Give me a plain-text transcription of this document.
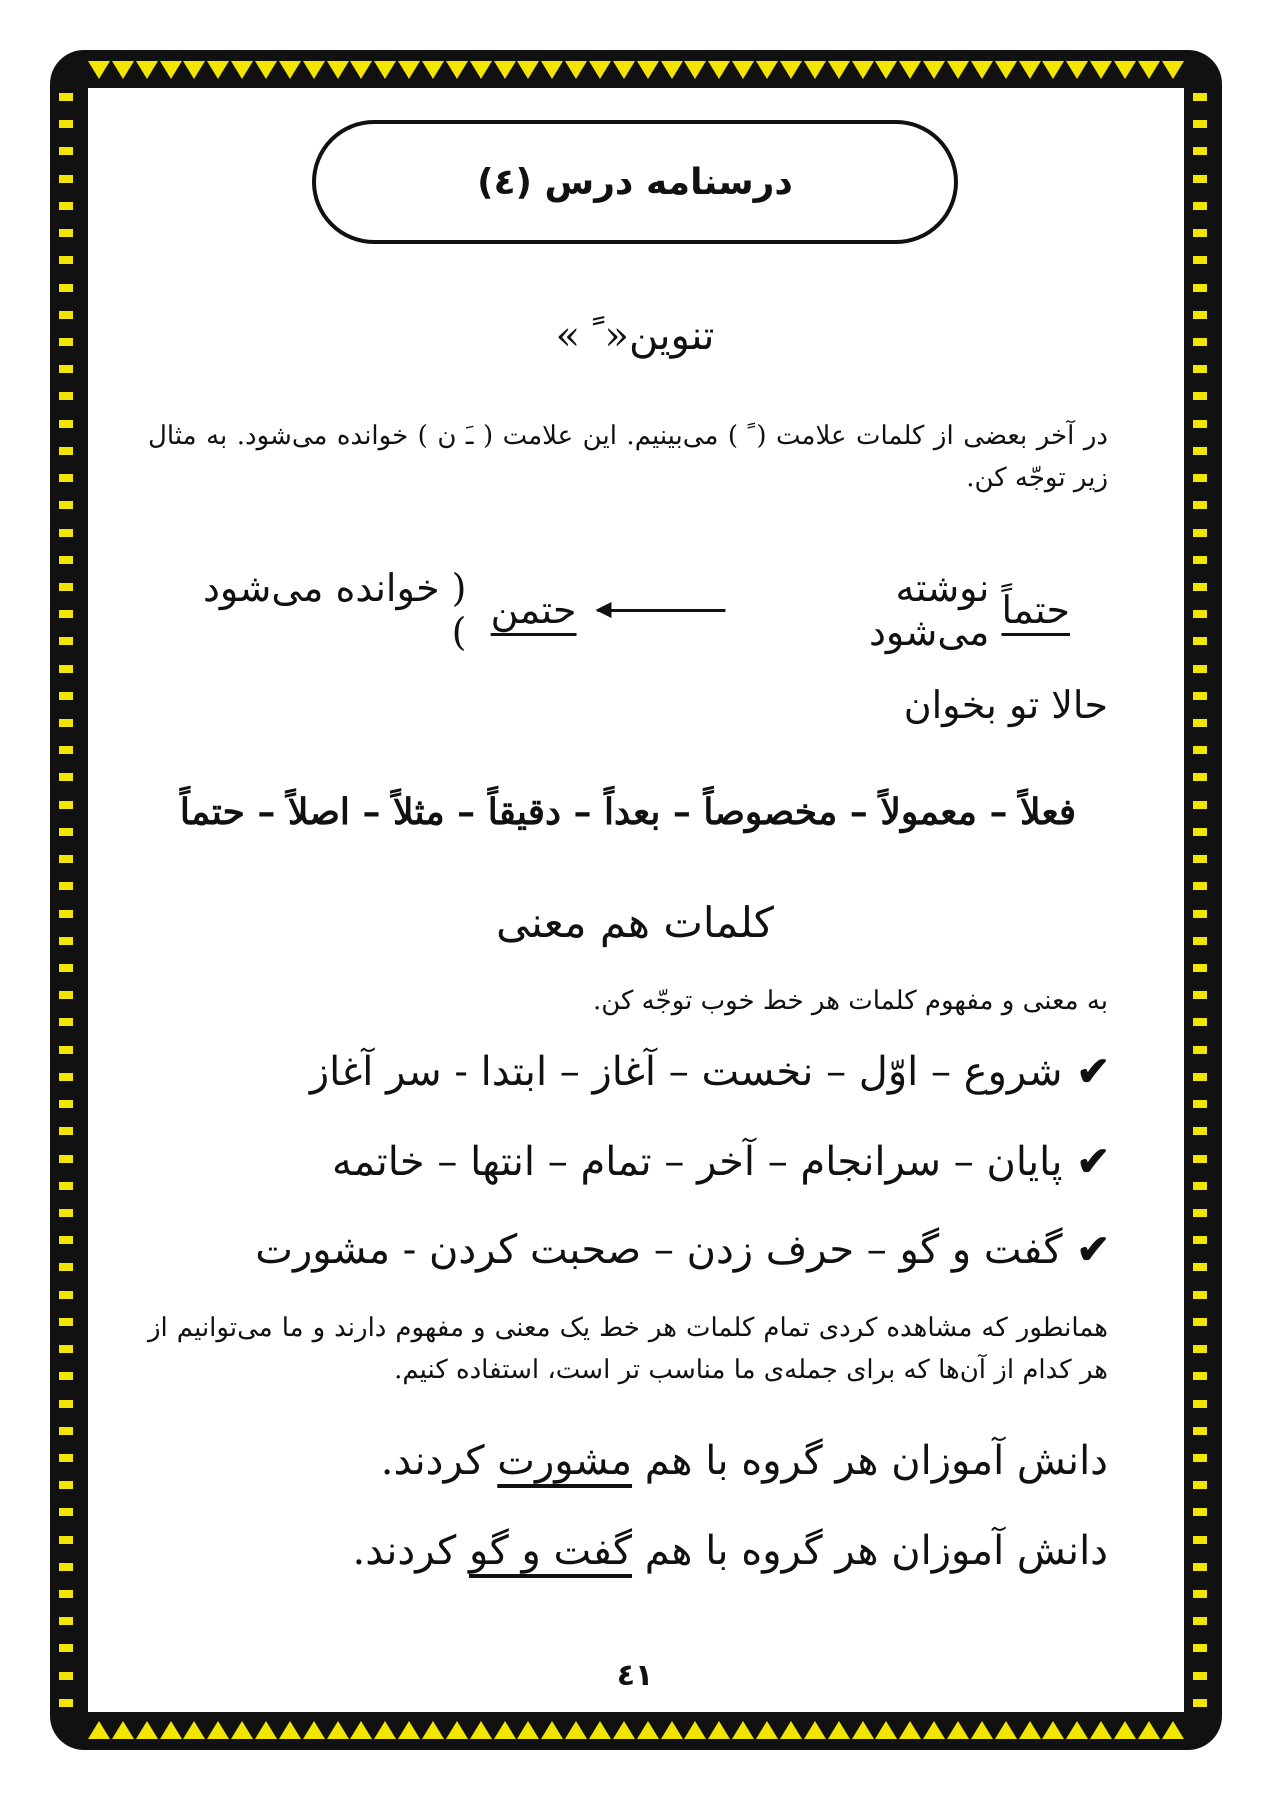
درسنامه درس (٤)
تنوین« ً »
در آخر بعضی از کلمات علامت ( ً ) می‌بینیم. این علامت ( ـَ ن ) خوانده می‌شود. به مثال زیر توجّه کن.
حتماً

نوشته می‌شود
حتمن

( خوانده می‌شود )
حالا تو بخوان
فعلاً – معمولاً – مخصوصاً – بعداً – دقیقاً – مثلاً – اصلاً – حتماً
کلمات هم معنی
به معنی و مفهوم کلمات هر خط خوب توجّه کن.
✔
شروع – اوّل – نخست – آغاز – ابتدا - سر آغاز
✔
پایان – سرانجام – آخر – تمام – انتها – خاتمه
✔
گفت و گو – حرف زدن – صحبت کردن - مشورت
همانطور که مشاهده کردی تمام کلمات هر خط یک معنی و مفهوم دارند و ما می‌توانیم از هر کدام از آن‌ها که برای جمله‌ی ما مناسب تر است، استفاده کنیم.
دانش آموزان هر گروه با هم مشورت کردند.
دانش آموزان هر گروه با هم گفت و گو کردند.
٤١
